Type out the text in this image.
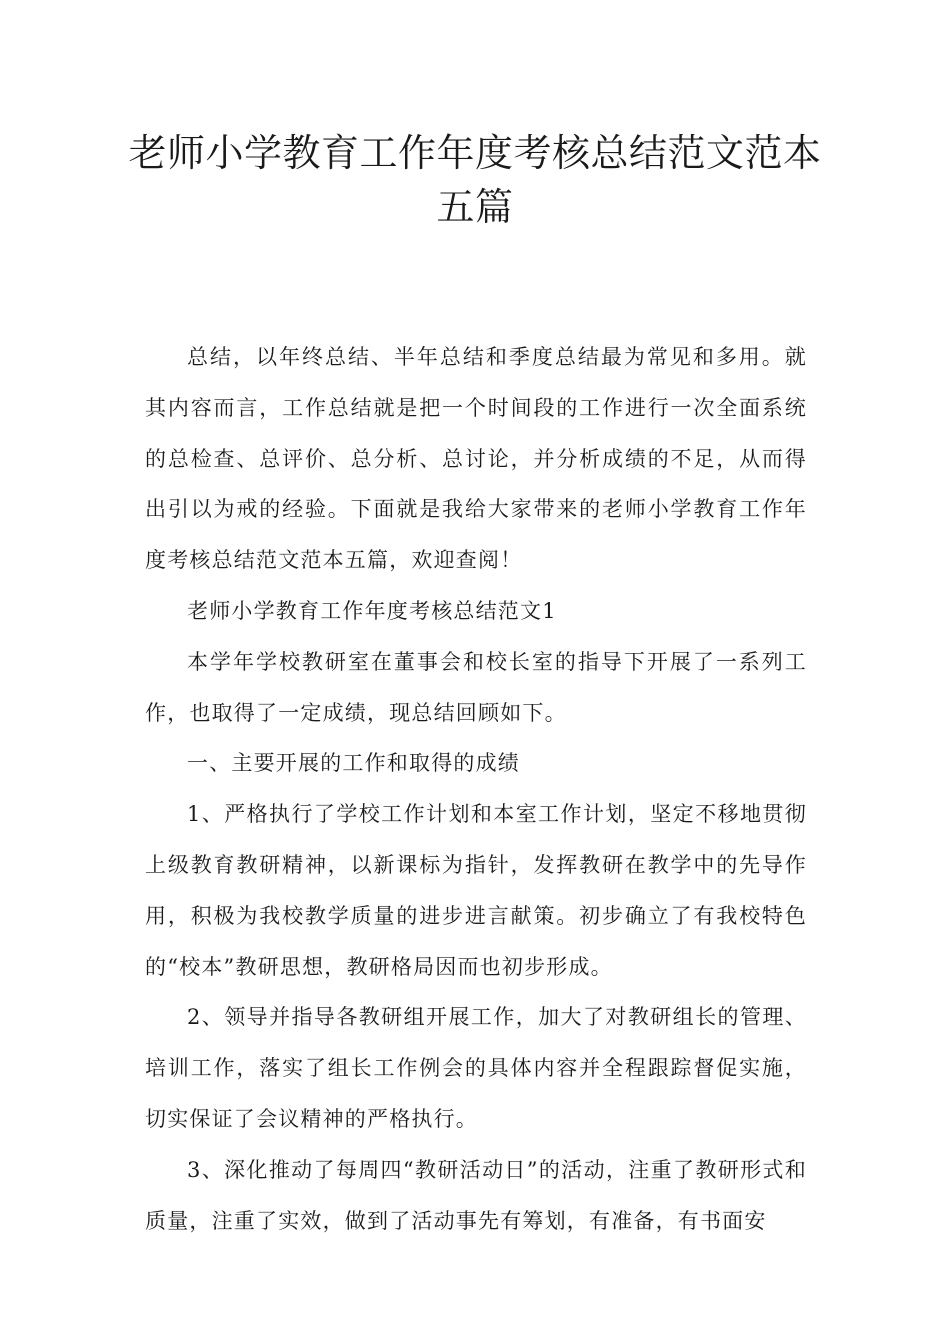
老师小学教育工作年度考核总结范文范本五篇

总结，以年终总结、半年总结和季度总结最为常见和多用。就其内容而言，工作总结就是把一个时间段的工作进行一次全面系统的总检查、总评价、总分析、总讨论，并分析成绩的不足，从而得出引以为戒的经验。下面就是我给大家带来的老师小学教育工作年度考核总结范文范本五篇，欢迎查阅！

老师小学教育工作年度考核总结范文1

本学年学校教研室在董事会和校长室的指导下开展了一系列工作，也取得了一定成绩，现总结回顾如下。

一、主要开展的工作和取得的成绩

1、严格执行了学校工作计划和本室工作计划，坚定不移地贯彻上级教育教研精神，以新课标为指针，发挥教研在教学中的先导作用，积极为我校教学质量的进步进言献策。初步确立了有我校特色的“校本”教研思想，教研格局因而也初步形成。

2、领导并指导各教研组开展工作，加大了对教研组长的管理、培训工作，落实了组长工作例会的具体内容并全程跟踪督促实施，切实保证了会议精神的严格执行。

3、深化推动了每周四“教研活动日”的活动，注重了教研形式和质量，注重了实效，做到了活动事先有筹划，有准备，有书面安
